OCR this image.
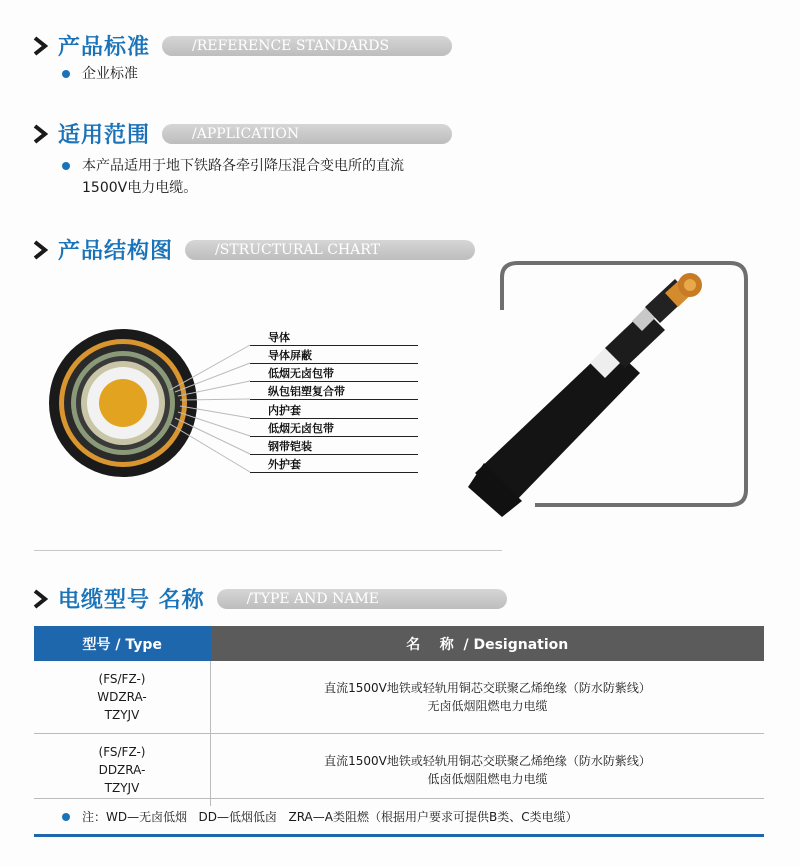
产品标准	/REFERENCE STANDARDS
企业标准
适用范围	/APPLICATION
本产品适用于地下铁路各牵引降压混合变电所的直流
1500V电力电缆。
产品结构图	/STRUCTURAL CHART
导体
导体屏蔽
低烟无卤包带
纵包铝塑复合带
内护套
低烟无卤包带
钢带铠装
外护套
电缆型号 名称	/TYPE AND NAME
型号 / Type	名    称  / Designation
(FS/FZ-)
WDZRA-
TZYJV	直流1500V地铁或轻轨用铜芯交联聚乙烯绝缘（防水防紫线）
无卤低烟阻燃电力电缆
(FS/FZ-)
DDZRA-
TZYJV	直流1500V地铁或轻轨用铜芯交联聚乙烯绝缘（防水防紫线）
低卤低烟阻燃电力电缆
注：WD—无卤低烟   DD—低烟低卤   ZRA—A类阻燃（根据用户要求可提供B类、C类电缆）
